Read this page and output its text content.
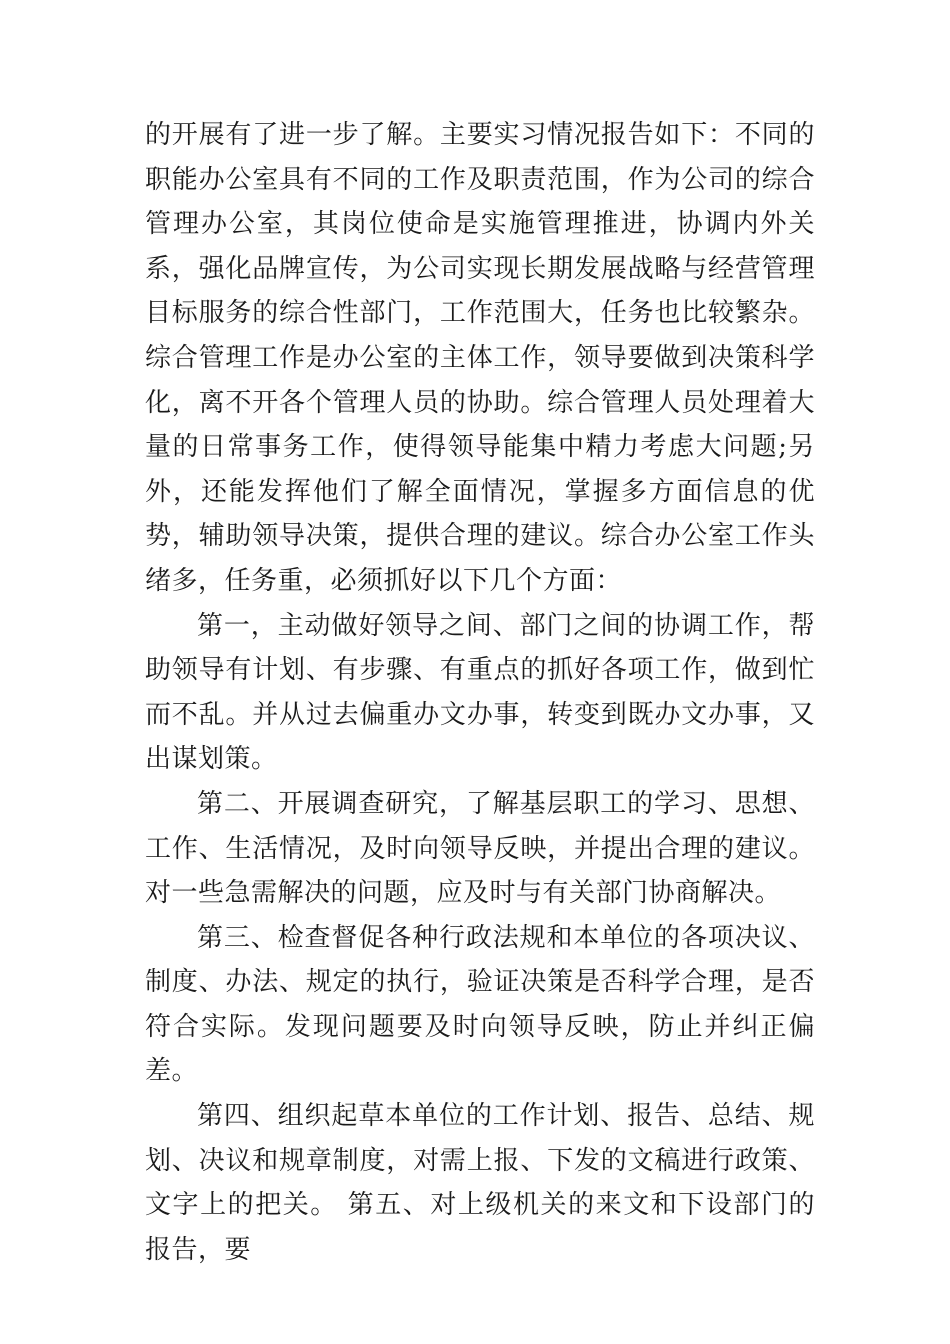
的开展有了进一步了解。主要实习情况报告如下：不同的职能办公室具有不同的工作及职责范围，作为公司的综合管理办公室，其岗位使命是实施管理推进，协调内外关系，强化品牌宣传，为公司实现长期发展战略与经营管理目标服务的综合性部门，工作范围大，任务也比较繁杂。综合管理工作是办公室的主体工作，领导要做到决策科学化，离不开各个管理人员的协助。综合管理人员处理着大量的日常事务工作，使得领导能集中精力考虑大问题;另外，还能发挥他们了解全面情况，掌握多方面信息的优势，辅助领导决策，提供合理的建议。综合办公室工作头绪多，任务重，必须抓好以下几个方面：

第一，主动做好领导之间、部门之间的协调工作，帮助领导有计划、有步骤、有重点的抓好各项工作，做到忙而不乱。并从过去偏重办文办事，转变到既办文办事，又出谋划策。

第二、开展调查研究，了解基层职工的学习、思想、工作、生活情况，及时向领导反映，并提出合理的建议。对一些急需解决的问题，应及时与有关部门协商解决。

第三、检查督促各种行政法规和本单位的各项决议、制度、办法、规定的执行，验证决策是否科学合理，是否符合实际。发现问题要及时向领导反映，防止并纠正偏差。

第四、组织起草本单位的工作计划、报告、总结、规划、决议和规章制度，对需上报、下发的文稿进行政策、文字上的把关。 第五、对上级机关的来文和下设部门的报告，要
